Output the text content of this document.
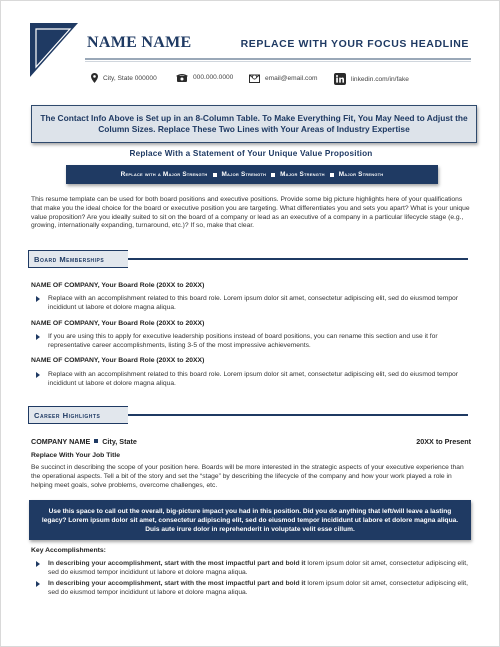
NAME NAME	REPLACE WITH YOUR FOCUS HEADLINE
City, State 000000	000.000.0000	email@email.com	linkedin.com/in/fake
The Contact Info Above is Set up in an 8-Column Table. To Make Everything Fit, You May Need to Adjust the Column Sizes. Replace These Two Lines with Your Areas of Industry Expertise
Replace With a Statement of Your Unique Value Proposition
Replace with a Major Strength Major Strength Major Strength Major Strength
This resume template can be used for both board positions and executive positions. Provide some big picture highlights here of your qualifications that make you the ideal choice for the board or executive position you are targeting. What differentiates you and sets you apart? What is your unique value proposition? Are you ideally suited to sit on the board of a company or lead as an executive of a company in a particular lifecycle stage (e.g., growing, internationally expanding, turnaround, etc.)? If so, make that clear.
Board Memberships
NAME OF COMPANY, Your Board Role (20XX to 20XX)
Replace with an accomplishment related to this board role. Lorem ipsum dolor sit amet, consectetur adipiscing elit, sed do eiusmod tempor incididunt ut labore et dolore magna aliqua.
NAME OF COMPANY, Your Board Role (20XX to 20XX)
If you are using this to apply for executive leadership positions instead of board positions, you can rename this section and use it for representative career accomplishments, listing 3-5 of the most impressive achievements.
NAME OF COMPANY, Your Board Role (20XX to 20XX)
Replace with an accomplishment related to this board role. Lorem ipsum dolor sit amet, consectetur adipiscing elit, sed do eiusmod tempor incididunt ut labore et dolore magna aliqua.
Career Highlights
COMPANY NAME City, State	20XX to Present
Replace With Your Job Title
Be succinct in describing the scope of your position here. Boards will be more interested in the strategic aspects of your executive experience than the operational aspects. Tell a bit of the story and set the “stage” by describing the lifecycle of the company and how your work played a role in helping meet goals, solve problems, overcome challenges, etc.
Use this space to call out the overall, big-picture impact you had in this position. Did you do anything that left/will leave a lasting legacy? Lorem ipsum dolor sit amet, consectetur adipiscing elit, sed do eiusmod tempor incididunt ut labore et dolore magna aliqua. Duis aute irure dolor in reprehenderit in voluptate velit esse cillum.
Key Accomplishments:
In describing your accomplishment, start with the most impactful part and bold it lorem ipsum dolor sit amet, consectetur adipiscing elit, sed do eiusmod tempor incididunt ut labore et dolore magna aliqua.
In describing your accomplishment, start with the most impactful part and bold it lorem ipsum dolor sit amet, consectetur adipiscing elit, sed do eiusmod tempor incididunt ut labore et dolore magna aliqua.
